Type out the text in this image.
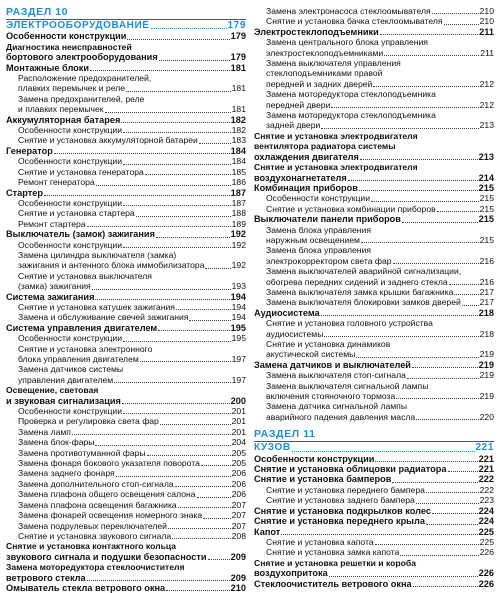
РАЗДЕЛ 10
ЭЛЕКТРООБОРУДОВАНИЕ	179
Особенности конструкции	179
Диагностика неисправностей
бортового электрооборудования	179
Монтажные блоки	181
Расположение предохранителей,
плавких перемычек и реле	181
Замена предохранителей, реле
и плавких перемычек	181
Аккумуляторная батарея	182
Особенности конструкции	182
Снятие и установка аккумуляторной батареи	183
Генератор	184
Особенности конструкции	184
Снятие и установка генератора	185
Ремонт генератора	186
Стартер	187
Особенности конструкции	187
Снятие и установка стартера	188
Ремонт стартера	189
Выключатель (замок) зажигания	192
Особенности конструкции	192
Замена цилиндра выключателя (замка)
зажигания и антенного блока иммобилизатора	192
Снятие и установка выключателя
(замка) зажигания	193
Система зажигания	194
Снятие и установка катушек зажигания	194
Замена и обслуживание свечей зажигания	194
Система управления двигателем	195
Особенности конструкции	195
Снятие и установка электронного
блока управления двигателем	197
Замена датчиков системы
управления двигателем	197
Освещение, световая
и звуковая сигнализация	200
Особенности конструкции	201
Проверка и регулировка света фар	201
Замена ламп	201
Замена блок-фары	204
Замена противотуманной фары	205
Замена фонаря бокового указателя поворота	205
Замена заднего фонаря	206
Замена дополнительного стоп-сигнала	206
Замена плафона общего освещения салона	206
Замена плафона освещения багажника	207
Замена фонарей освещения номерного знака	207
Замена подрулевых переключателей	207
Снятие и установка звукового сигнала	208
Снятие и установка контактного кольца
звукового сигнала и подушки безопасности	209
Замена моторедуктора стеклоочистителя
ветрового стекла	209
Омыватель стекла ветрового окна	210
Замена электронасоса стеклоомывателя	210
Снятие и установка бачка стеклоомывателя	210
Электростеклоподъемники	211
Замена центрального блока управления
электростеклоподъемниками	211
Замена выключателя управления
стеклоподъемниками правой
передней и задних дверей	212
Замена моторедуктора стеклоподъемника
передней двери	212
Замена моторедуктора стеклоподъемника
задней двери	213
Снятие и установка электродвигателя
вентилятора радиатора системы
охлаждения двигателя	213
Снятие и установка электродвигателя
воздухонагнетателя	214
Комбинация приборов	215
Особенности конструкции	215
Снятие и установка комбинации приборов	215
Выключатели панели приборов	215
Замена блока управления
наружным освещением	215
Замена блока управления
электрокорректором света фар	216
Замена выключателей аварийной сигнализации,
обогрева передних сидений и заднего стекла	216
Замена выключателя замка крышки багажника	217
Замена выключателя блокировки замков дверей 217
Аудиосистема	218
Снятие и установка головного устройства
аудиосистемы	218
Снятие и установка динамиков
акустической системы	219
Замена датчиков и выключателей	219
Замена выключателя стоп-сигнала	219
Замена выключателя сигнальной лампы
включения стояночного тормоза	219
Замена датчика сигнальной лампы
аварийного падения давления масла	220
РАЗДЕЛ 11
КУЗОВ	221
Особенности конструкции	221
Снятие и установка облицовки радиатора	221
Снятие и установка бамперов	222
Снятие и установка переднего бампера	222
Снятие и установка заднего бампера	223
Снятие и установка подкрылков колес	224
Снятие и установка переднего крыла	224
Капот	225
Снятие и установка капота	225
Снятие и установка замка капота	226
Снятие и установка решетки и короба
воздухопритока	226
Стеклоочиститель ветрового окна	226
